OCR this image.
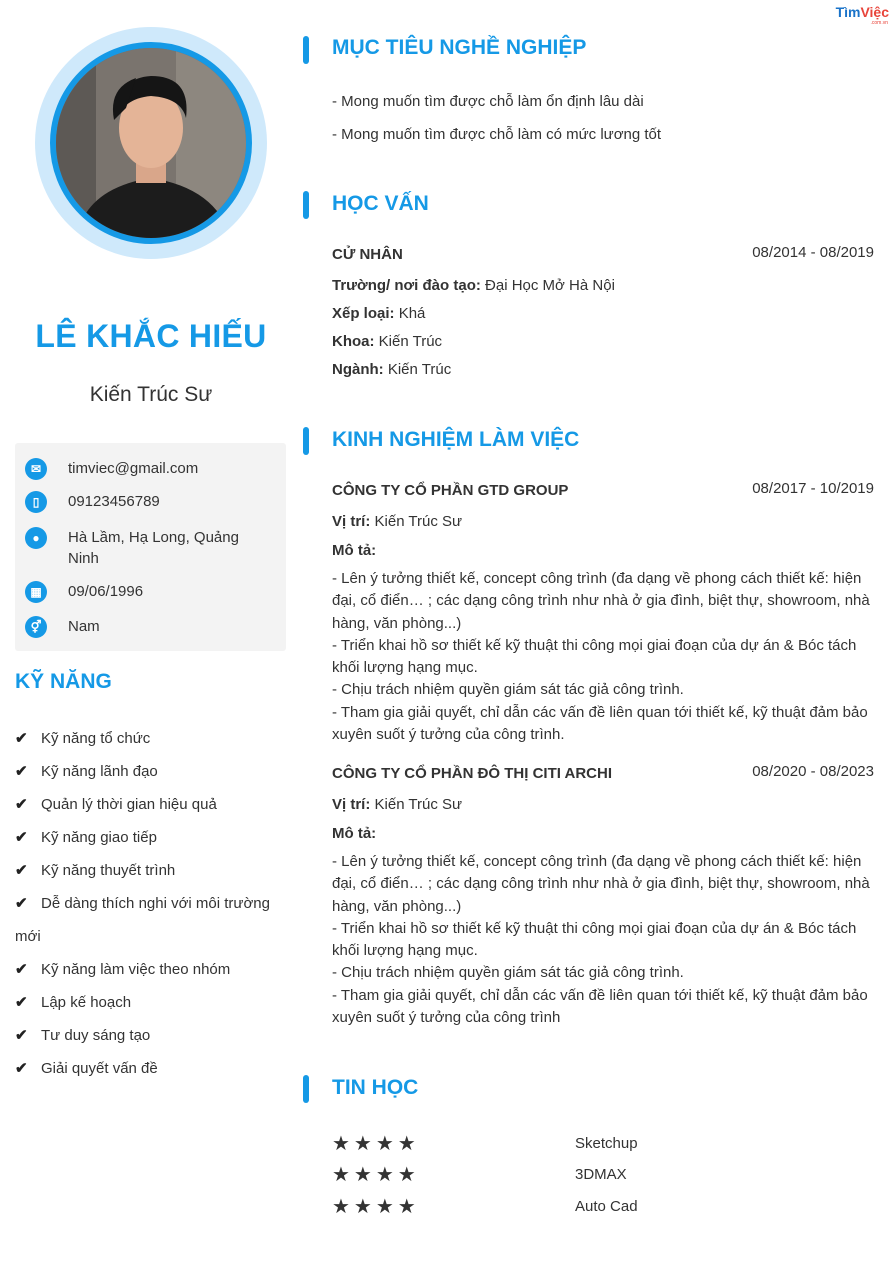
TìmViệc
.com.vn
LÊ KHẮC HIẾU
Kiến Trúc Sư
✉	timviec@gmail.com
▯	09123456789
●	Hà Lầm, Hạ Long, Quảng Ninh
▦	09/06/1996
⚥	Nam
KỸ NĂNG
✔ Kỹ năng tổ chức
✔ Kỹ năng lãnh đạo
✔ Quản lý thời gian hiệu quả
✔ Kỹ năng giao tiếp
✔ Kỹ năng thuyết trình
✔ Dễ dàng thích nghi với môi trường
mới
✔ Kỹ năng làm việc theo nhóm
✔ Lập kế hoạch
✔ Tư duy sáng tạo
✔ Giải quyết vấn đề
MỤC TIÊU NGHỀ NGHIỆP
- Mong muốn tìm được chỗ làm ổn định lâu dài
- Mong muốn tìm được chỗ làm có mức lương tốt
HỌC VẤN
CỬ NHÂN	08/2014 - 08/2019
Trường/ nơi đào tạo: Đại Học Mở Hà Nội
Xếp loại: Khá
Khoa: Kiến Trúc
Ngành: Kiến Trúc
KINH NGHIỆM LÀM VIỆC
CÔNG TY CỔ PHẦN GTD GROUP	08/2017 - 10/2019
Vị trí: Kiến Trúc Sư
Mô tả:
- Lên ý tưởng thiết kế, concept công trình (đa dạng về phong cách thiết kế: hiện đại, cổ điển… ; các dạng công trình như nhà ở gia đình, biệt thự, showroom, nhà hàng, văn phòng...)
- Triển khai hồ sơ thiết kế kỹ thuật thi công mọi giai đoạn của dự án & Bóc tách khối lượng hạng mục.
- Chịu trách nhiệm quyền giám sát tác giả công trình.
- Tham gia giải quyết, chỉ dẫn các vấn đề liên quan tới thiết kế, kỹ thuật đảm bảo xuyên suốt ý tưởng của công trình.
CÔNG TY CỔ PHẦN ĐÔ THỊ CITI ARCHI	08/2020 - 08/2023
Vị trí: Kiến Trúc Sư
Mô tả:
- Lên ý tưởng thiết kế, concept công trình (đa dạng về phong cách thiết kế: hiện đại, cổ điển… ; các dạng công trình như nhà ở gia đình, biệt thự, showroom, nhà hàng, văn phòng...)
- Triển khai hồ sơ thiết kế kỹ thuật thi công mọi giai đoạn của dự án & Bóc tách khối lượng hạng mục.
- Chịu trách nhiệm quyền giám sát tác giả công trình.
- Tham gia giải quyết, chỉ dẫn các vấn đề liên quan tới thiết kế, kỹ thuật đảm bảo xuyên suốt ý tưởng của công trình
TIN HỌC
★★★★	Sketchup
★★★★	3DMAX
★★★★	Auto Cad
